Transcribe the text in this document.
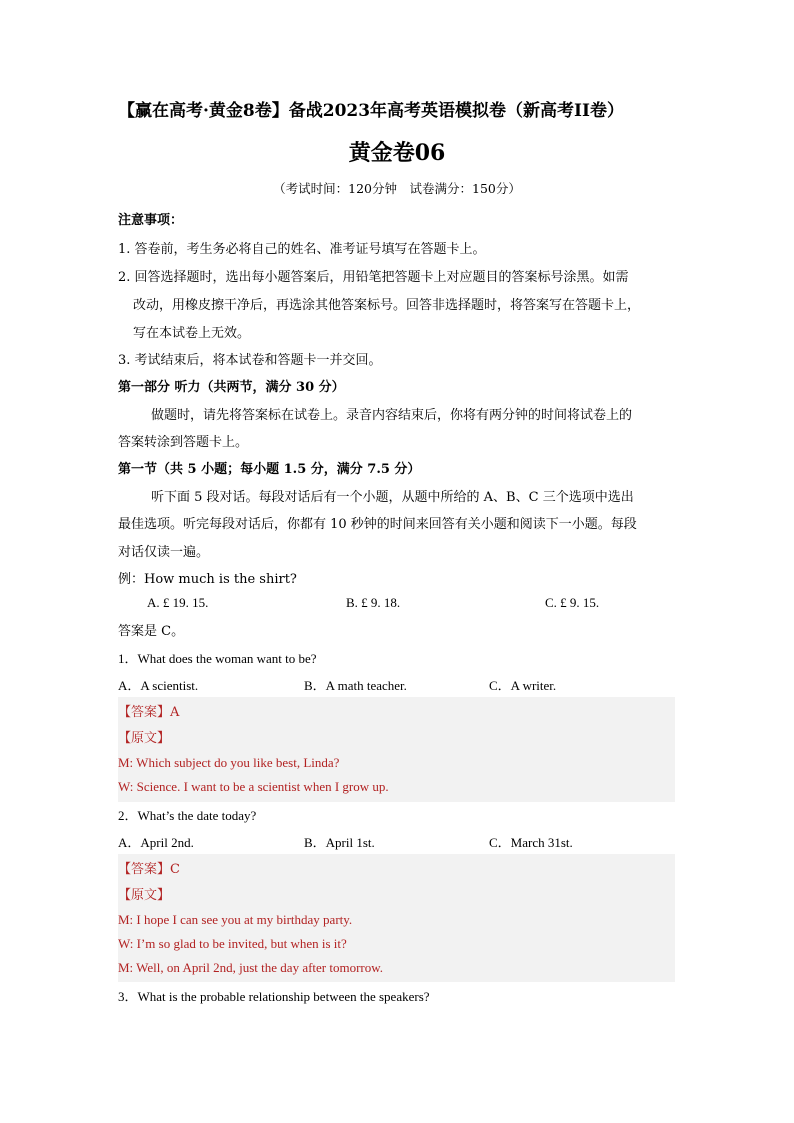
【赢在高考·黄金8卷】备战2023年高考英语模拟卷（新高考II卷）
黄金卷06
（考试时间：120分钟　试卷满分：150分）
注意事项：
1. 答卷前，考生务必将自己的姓名、准考证号填写在答题卡上。
2. 回答选择题时，选出每小题答案后，用铅笔把答题卡上对应题目的答案标号涂黑。如需
改动，用橡皮擦干净后，再选涂其他答案标号。回答非选择题时，将答案写在答题卡上，
写在本试卷上无效。
3. 考试结束后，将本试卷和答题卡一并交回。
第一部分 听力（共两节，满分 30 分）
做题时，请先将答案标在试卷上。录音内容结束后，你将有两分钟的时间将试卷上的
答案转涂到答题卡上。
第一节（共 5 小题；每小题 1.5 分，满分 7.5 分）
听下面 5 段对话。每段对话后有一个小题，从题中所给的 A、B、C 三个选项中选出
最佳选项。听完每段对话后，你都有 10 秒钟的时间来回答有关小题和阅读下一小题。每段
对话仅读一遍。
例：How much is the shirt?
A. £ 19. 15.	B. £ 9. 18.	C. £ 9. 15.
答案是 C。
1．What does the woman want to be?
A．A scientist.	B．A math teacher.	C．A writer.
【答案】A
【原文】
M: Which subject do you like best, Linda?
W: Science. I want to be a scientist when I grow up.
2．What’s the date today?
A．April 2nd.	B．April 1st.	C．March 31st.
【答案】C
【原文】
M: I hope I can see you at my birthday party.
W: I’m so glad to be invited, but when is it?
M: Well, on April 2nd, just the day after tomorrow.
3．What is the probable relationship between the speakers?
